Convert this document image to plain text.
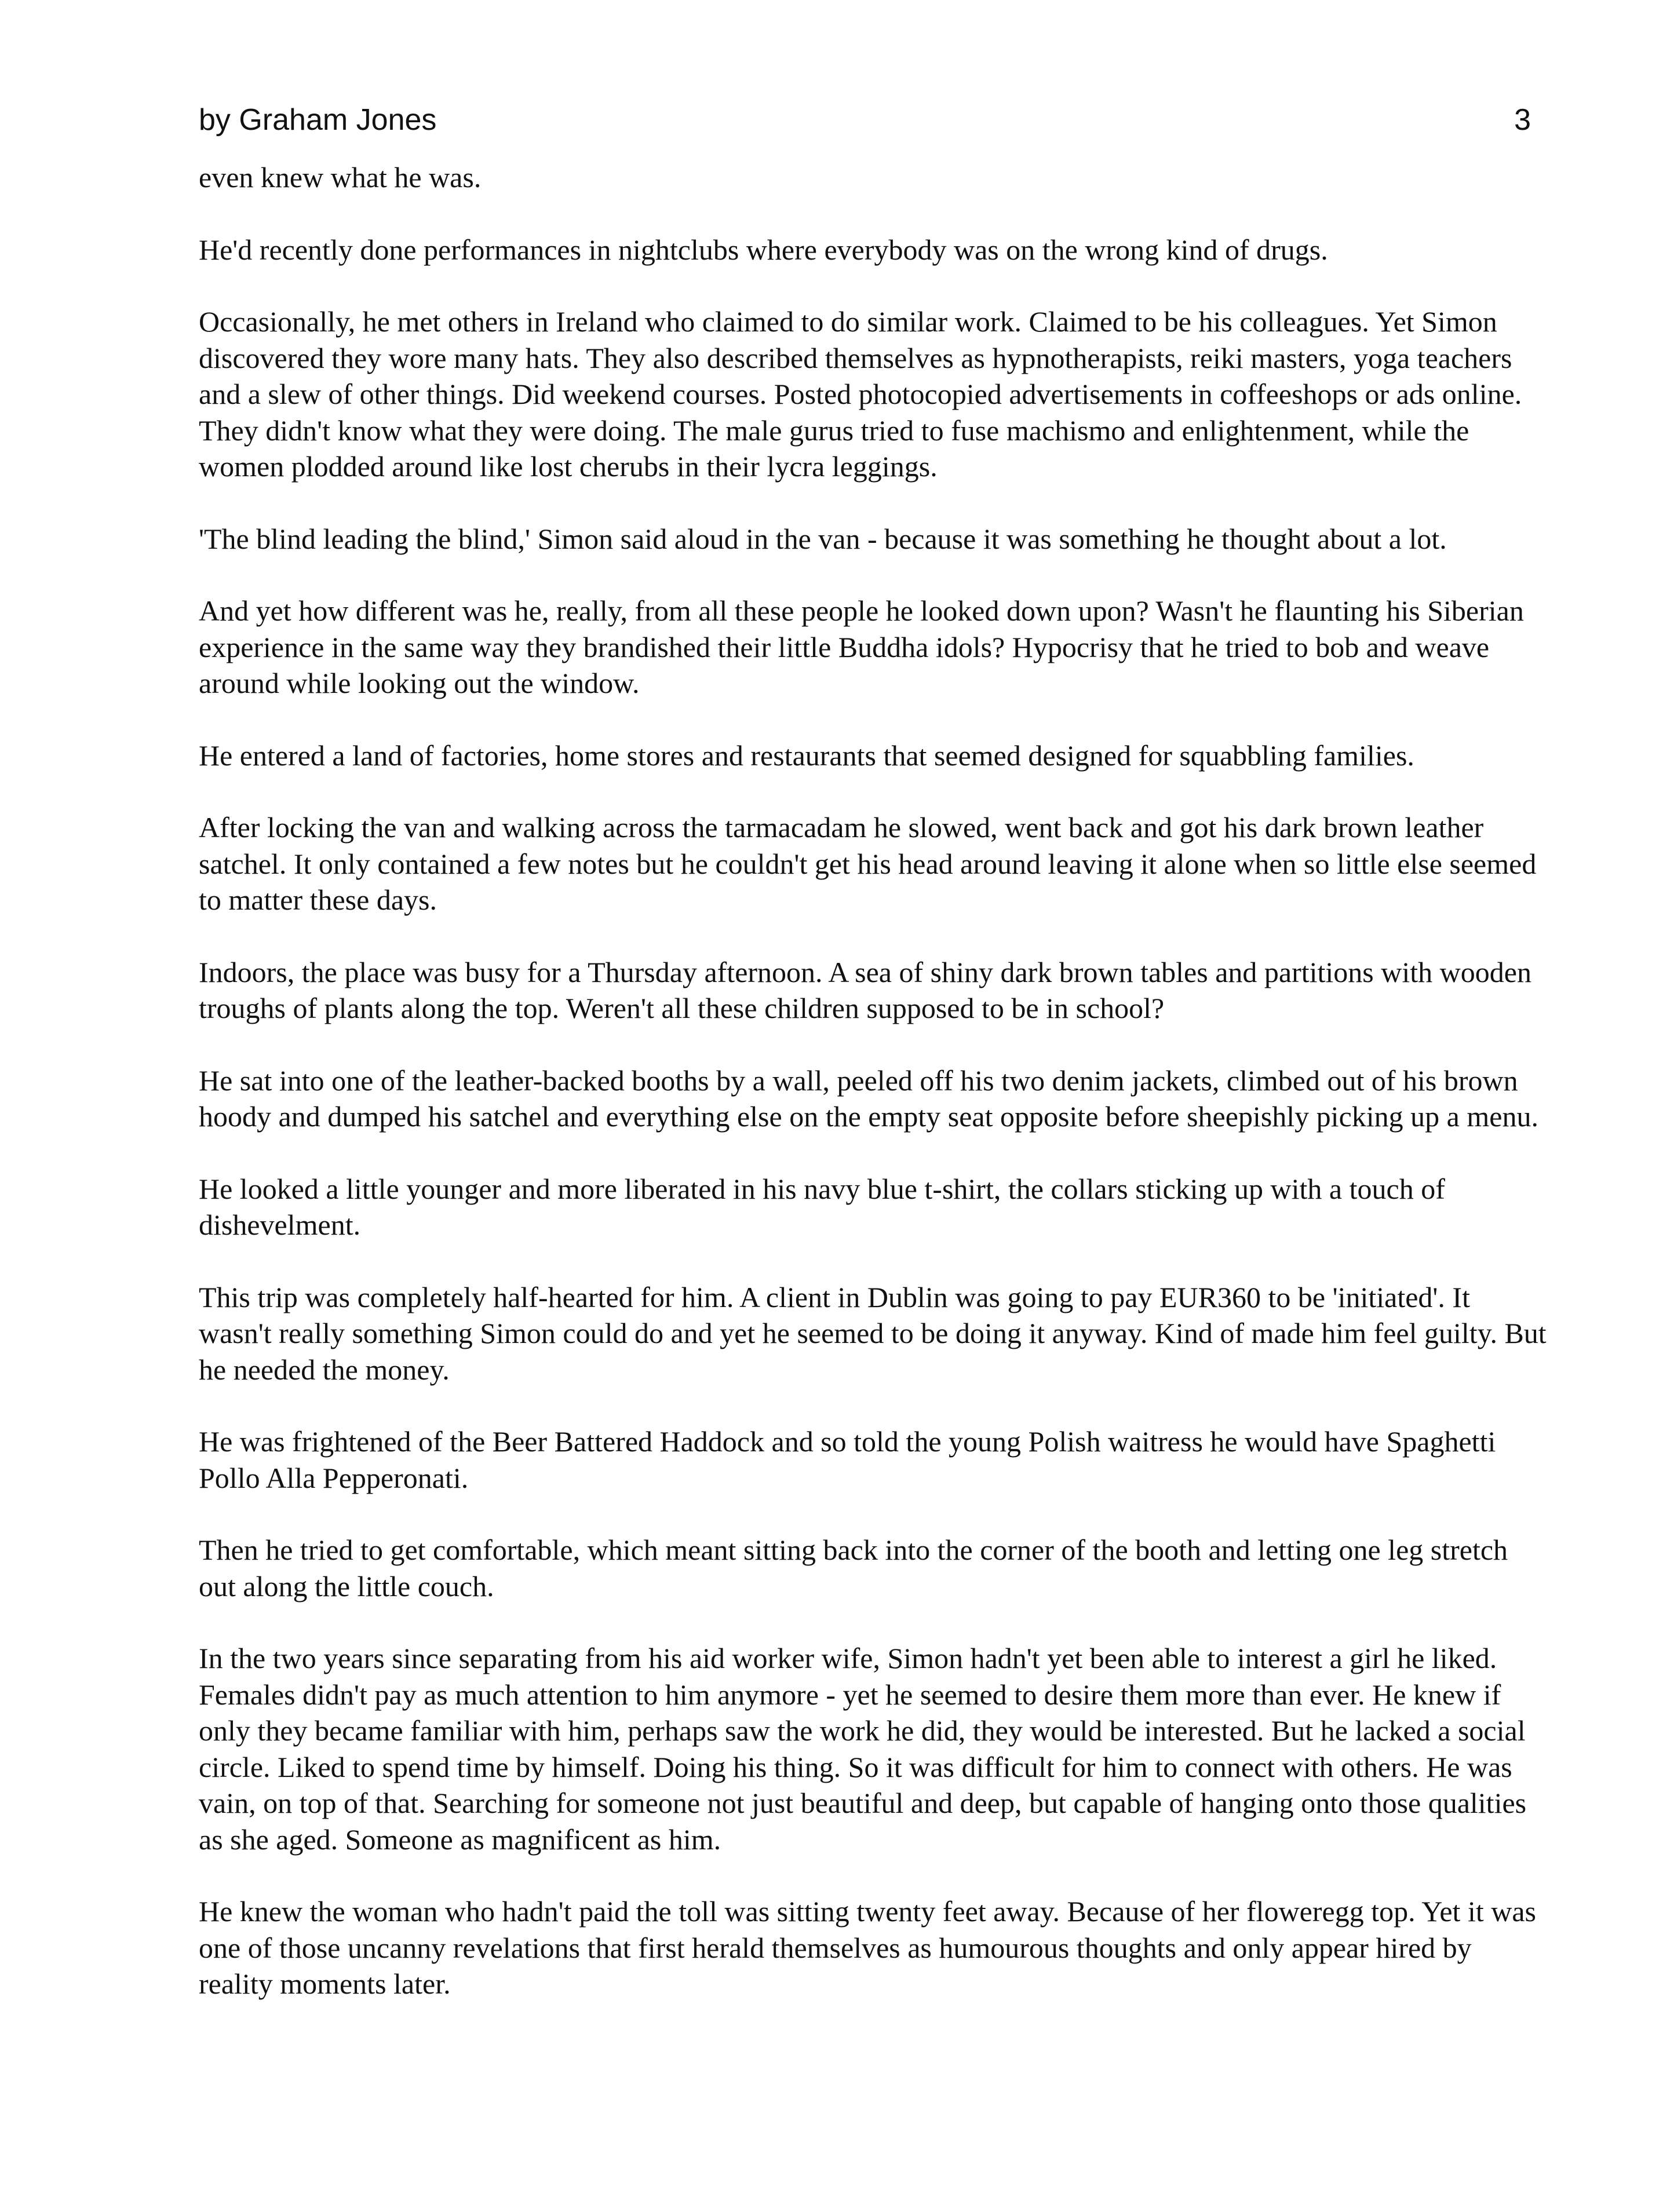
by Graham Jones	3

even knew what he was.

He'd recently done performances in nightclubs where everybody was on the wrong kind of drugs.

Occasionally, he met others in Ireland who claimed to do similar work. Claimed to be his colleagues. Yet Simon discovered they wore many hats. They also described themselves as hypnotherapists, reiki masters, yoga teachers and a slew of other things. Did weekend courses. Posted photocopied advertisements in coffeeshops or ads online. They didn't know what they were doing. The male gurus tried to fuse machismo and enlightenment, while the women plodded around like lost cherubs in their lycra leggings.

'The blind leading the blind,' Simon said aloud in the van - because it was something he thought about a lot.

And yet how different was he, really, from all these people he looked down upon? Wasn't he flaunting his Siberian experience in the same way they brandished their little Buddha idols? Hypocrisy that he tried to bob and weave around while looking out the window.

He entered a land of factories, home stores and restaurants that seemed designed for squabbling families.

After locking the van and walking across the tarmacadam he slowed, went back and got his dark brown leather satchel. It only contained a few notes but he couldn't get his head around leaving it alone when so little else seemed to matter these days.

Indoors, the place was busy for a Thursday afternoon. A sea of shiny dark brown tables and partitions with wooden troughs of plants along the top. Weren't all these children supposed to be in school?

He sat into one of the leather-backed booths by a wall, peeled off his two denim jackets, climbed out of his brown hoody and dumped his satchel and everything else on the empty seat opposite before sheepishly picking up a menu.

He looked a little younger and more liberated in his navy blue t-shirt, the collars sticking up with a touch of dishevelment.

This trip was completely half-hearted for him. A client in Dublin was going to pay EUR360 to be 'initiated'. It wasn't really something Simon could do and yet he seemed to be doing it anyway. Kind of made him feel guilty. But he needed the money.

He was frightened of the Beer Battered Haddock and so told the young Polish waitress he would have Spaghetti Pollo Alla Pepperonati.

Then he tried to get comfortable, which meant sitting back into the corner of the booth and letting one leg stretch out along the little couch.

In the two years since separating from his aid worker wife, Simon hadn't yet been able to interest a girl he liked. Females didn't pay as much attention to him anymore - yet he seemed to desire them more than ever. He knew if only they became familiar with him, perhaps saw the work he did, they would be interested. But he lacked a social circle. Liked to spend time by himself. Doing his thing. So it was difficult for him to connect with others. He was vain, on top of that. Searching for someone not just beautiful and deep, but capable of hanging onto those qualities as she aged. Someone as magnificent as him.

He knew the woman who hadn't paid the toll was sitting twenty feet away. Because of her floweregg top. Yet it was one of those uncanny revelations that first herald themselves as humourous thoughts and only appear hired by reality moments later.
